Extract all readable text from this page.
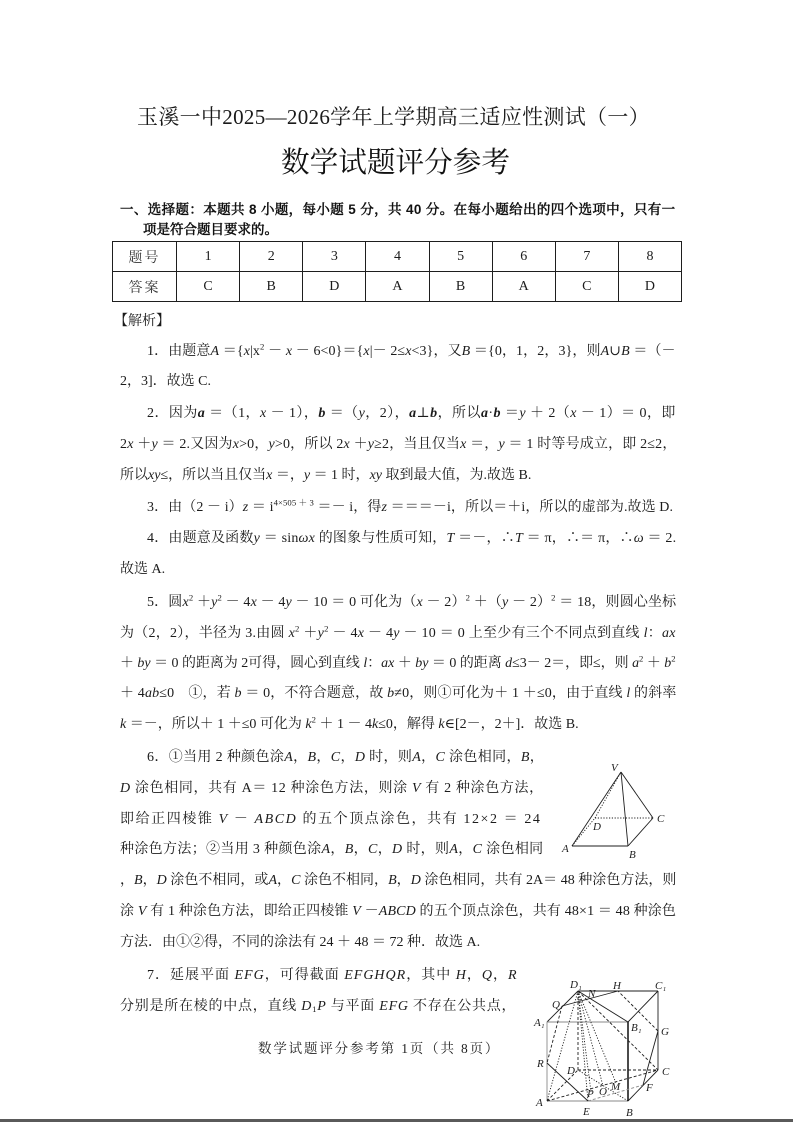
玉溪一中2025—2026学年上学期高三适应性测试（一）
数学试题评分参考
一、选择题：本题共 8 小题，每小题 5 分，共 40 分。在每小题给出的四个选项中，只有一
项是符合题目要求的。
题号	1	2	3	4	5	6	7	8
答案	C	B	D	A	B	A	C	D
【解析】
1．由题意$A =\{x|x^2 - x - 6<0\}=\{x|- 2\le x<3\}$，又B ＝{0，1，2，3}，则A∪B ＝（－
2，3]．故选 C.
2．因为a ＝（1，x － 1），b ＝（y，2），a⊥b，所以a·b ＝y ＋ 2（x － 1）＝ 0，即
2x ＋y ＝ 2.又因为x>0，y>0，所以 2x ＋y≥2，当且仅当x ＝，y ＝ 1 时等号成立，即 2≤2，
所以xy≤，所以当且仅当x ＝，y ＝ 1 时，xy 取到最大值，为.故选 B.
3．由$(2 - i)z = i^{4\times 505 + 3} =- i$，得z ＝＝＝－i，所以＝＋i，所以的虚部为.故选 D.
4．由题意及函数y ＝ sinωx 的图象与性质可知，T ＝－，∴T ＝ π，∴＝ π，∴ω ＝ 2.
故选 A.
5．圆$x^2 +y^2 - 4x - 4y - 10 = 0$ 可化为$(x - 2)^2 +(y - 2)^2 = 18$，则圆心坐标
为（2，2），半径为 3.由圆 $x^2 +y^2 - 4x - 4y - 10 = 0$ 上至少有三个不同点到直线 l：ax
＋ by ＝ 0 的距离为 2可得，圆心到直线 l：ax ＋ by ＝ 0 的距离 d≤3－ 2＝，即≤，则 $a^2 + b^2$
＋ 4ab≤0　①，若 b ＝ 0，不符合题意，故 b≠0，则①可化为＋ 1 ＋≤0，由于直线 l 的斜率
k ＝－，所以＋ 1 ＋≤0 可化为 $k^2 + 1 - 4k\le 0$，解得 k∈[2－，2＋]．故选 B.
6．①当用 2 种颜色涂A，B，C，D 时，则A，C 涂色相同，B，
D 涂色相同，共有 A＝ 12 种涂色方法，则涂 V 有 2 种涂色方法，
即给正四棱锥 V － ABCD 的五个顶点涂色，共有 12×2 ＝ 24
种涂色方法；②当用 3 种颜色涂A，B，C，D 时，则A，C 涂色相同
，B，D 涂色不相同，或A，C 涂色不相同，B，D 涂色相同，共有 2A＝ 48 种涂色方法，则
涂 V 有 1 种涂色方法，即给正四棱锥 V －ABCD 的五个顶点涂色，共有 48×1 ＝ 48 种涂色
方法．由①②得，不同的涂法有 24 ＋ 48 ＝ 72 种．故选 A.
7．延展平面 EFG，可得截面 EFGHQR，其中 H，Q，R
分别是所在棱的中点，直线 $D_1P$ 与平面 EFG 不存在公共点，
V
C
D
A	B
D₁
N
H	C₁
Q
A₁	B₁ G
R
D	C
P O M F
A
E	B
数学试题评分参考第 1页（共 8页）
